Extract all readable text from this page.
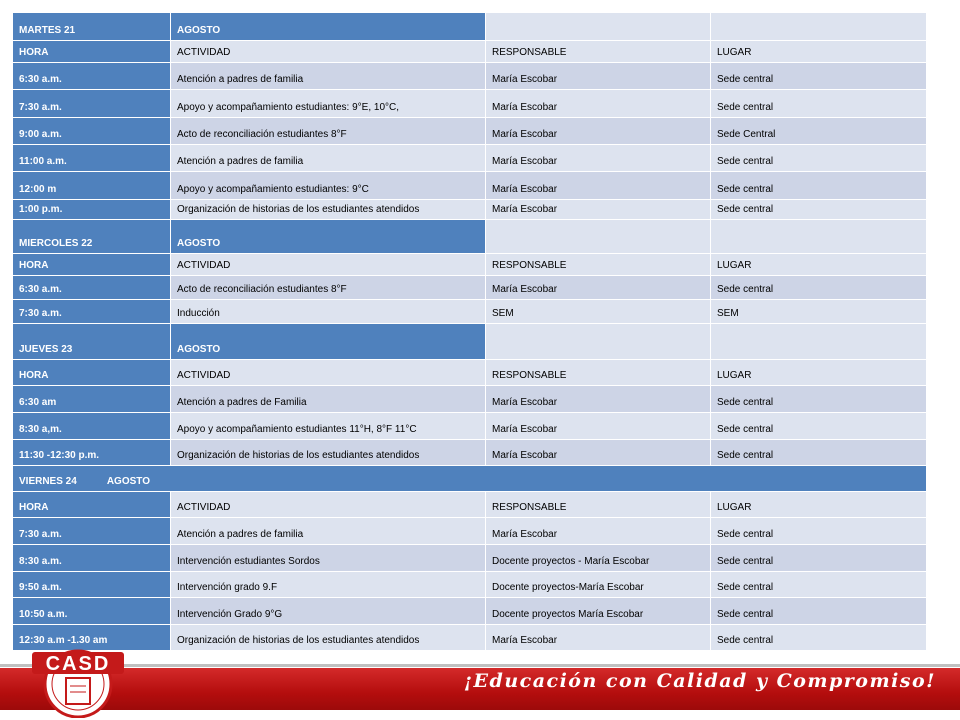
MARTES 21	AGOSTO		
HORA	ACTIVIDAD	RESPONSABLE	LUGAR
6:30 a.m.	Atención a padres de familia	María Escobar	Sede central
7:30 a.m.	Apoyo y acompañamiento estudiantes: 9°E, 10°C,	María Escobar	Sede central
9:00 a.m.	Acto de reconciliación estudiantes 8°F	María Escobar	Sede Central
11:00 a.m.	Atención a padres de familia	María Escobar	Sede central
12:00 m	Apoyo y acompañamiento estudiantes: 9°C	María Escobar	Sede central
1:00 p.m.	Organización de historias de los estudiantes atendidos	María Escobar	Sede central
MIERCOLES 22	AGOSTO		
HORA	ACTIVIDAD	RESPONSABLE	LUGAR
6:30 a.m.	Acto de reconciliación estudiantes 8°F	María Escobar	Sede central
7:30 a.m.	Inducción	SEM	SEM
JUEVES 23	AGOSTO		
HORA	ACTIVIDAD	RESPONSABLE	LUGAR
6:30 am	Atención a padres de Familia	María Escobar	Sede central
8:30 a,m.	Apoyo y acompañamiento estudiantes 11°H, 8°F 11°C	María Escobar	Sede central
11:30 -12:30 p.m.	Organización de historias de los estudiantes atendidos	María Escobar	Sede central
VIERNES 24 AGOSTO			
HORA	ACTIVIDAD	RESPONSABLE	LUGAR
7:30 a.m.	Atención a padres de familia	María Escobar	Sede central
8:30 a.m.	Intervención estudiantes Sordos	Docente proyectos - María Escobar	Sede central
9:50 a.m.	Intervención grado 9.F	Docente proyectos-María Escobar	Sede central
10:50 a.m.	Intervención Grado 9°G	Docente proyectos María Escobar	Sede central
12:30 a.m -1.30 am	Organización de historias de los estudiantes atendidos	María Escobar	Sede central
¡Educación con Calidad y Compromiso!
CASD
